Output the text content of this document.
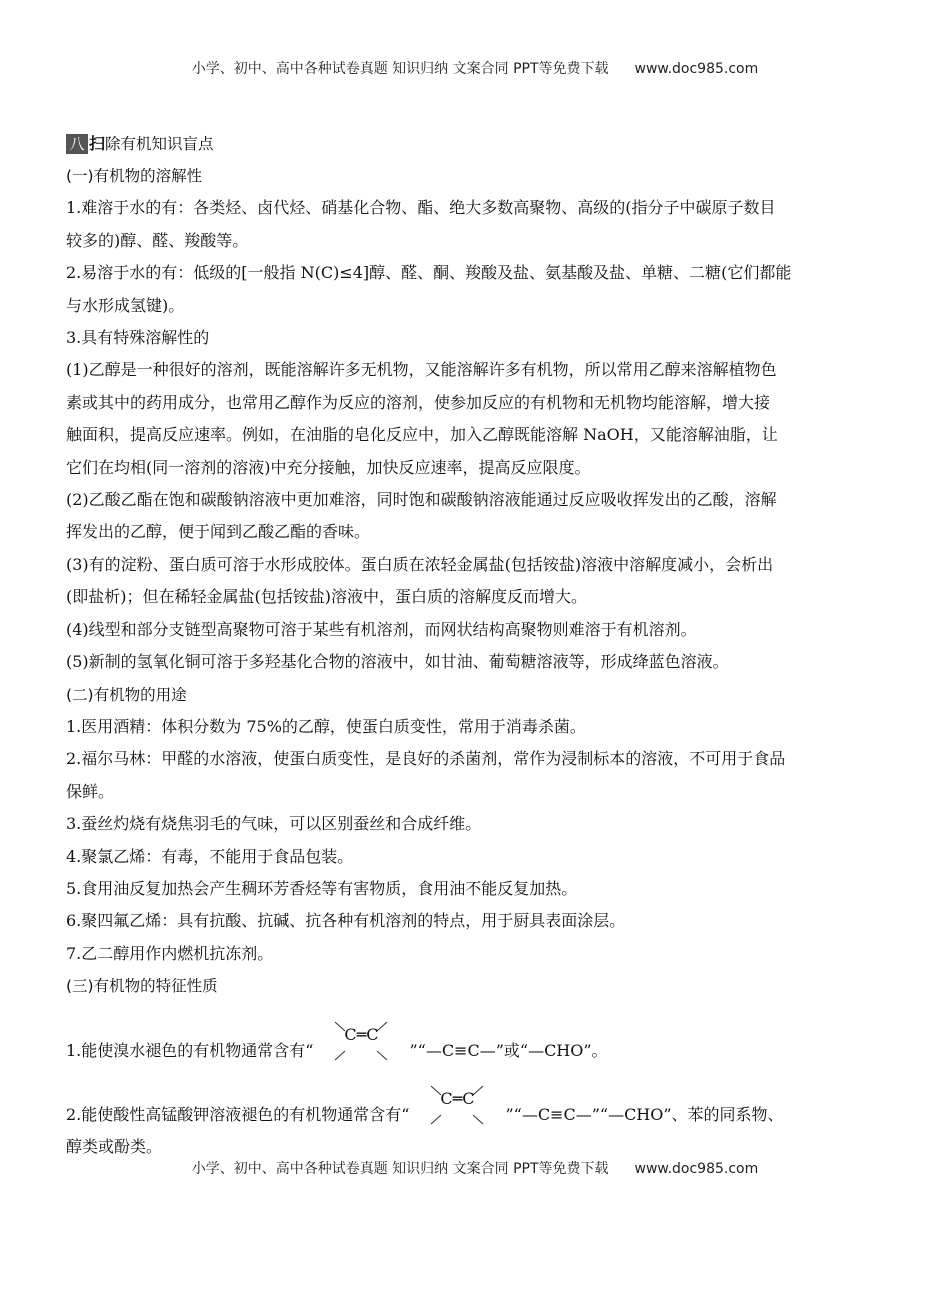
小学、初中、高中各种试卷真题 知识归纳 文案合同 PPT等免费下载 www.doc985.com
八 扫 除有机知识盲点

(一)有机物的溶解性

1.难溶于水的有：各类烃、卤代烃、硝基化合物、酯、绝大多数高聚物、高级的(指分子中碳原子数目

较多的)醇、醛、羧酸等。

2.易溶于水的有：低级的[一般指 N(C)≤4]醇、醛、酮、羧酸及盐、氨基酸及盐、单糖、二糖(它们都能

与水形成氢键)。

3.具有特殊溶解性的

(1)乙醇是一种很好的溶剂，既能溶解许多无机物，又能溶解许多有机物，所以常用乙醇来溶解植物色

素或其中的药用成分，也常用乙醇作为反应的溶剂，使参加反应的有机物和无机物均能溶解，增大接

触面积，提高反应速率。例如，在油脂的皂化反应中，加入乙醇既能溶解 NaOH，又能溶解油脂，让

它们在均相(同一溶剂的溶液)中充分接触，加快反应速率，提高反应限度。

(2)乙酸乙酯在饱和碳酸钠溶液中更加难溶，同时饱和碳酸钠溶液能通过反应吸收挥发出的乙酸，溶解

挥发出的乙醇，便于闻到乙酸乙酯的香味。

(3)有的淀粉、蛋白质可溶于水形成胶体。蛋白质在浓轻金属盐(包括铵盐)溶液中溶解度减小，会析出

(即盐析)；但在稀轻金属盐(包括铵盐)溶液中，蛋白质的溶解度反而增大。

(4)线型和部分支链型高聚物可溶于某些有机溶剂，而网状结构高聚物则难溶于有机溶剂。

(5)新制的氢氧化铜可溶于多羟基化合物的溶液中，如甘油、葡萄糖溶液等，形成绛蓝色溶液。

(二)有机物的用途

1.医用酒精：体积分数为 75%的乙醇，使蛋白质变性，常用于消毒杀菌。

2.福尔马林：甲醛的水溶液，使蛋白质变性，是良好的杀菌剂，常作为浸制标本的溶液，不可用于食品

保鲜。

3.蚕丝灼烧有烧焦羽毛的气味，可以区别蚕丝和合成纤维。

4.聚氯乙烯：有毒，不能用于食品包装。

5.食用油反复加热会产生稠环芳香烃等有害物质，食用油不能反复加热。

6.聚四氟乙烯：具有抗酸、抗碱、抗各种有机溶剂的特点，用于厨具表面涂层。

7.乙二醇用作内燃机抗冻剂。

(三)有机物的特征性质

1.能使溴水褪色的有机物通常含有“
C═C
”“—C≡C—”或“—CHO”。

2.能使酸性高锰酸钾溶液褪色的有机物通常含有“
C═C
”“—C≡C—”“—CHO”、苯的同系物、

醇类或酚类。

小学、初中、高中各种试卷真题 知识归纳 文案合同 PPT等免费下载 www.doc985.com
